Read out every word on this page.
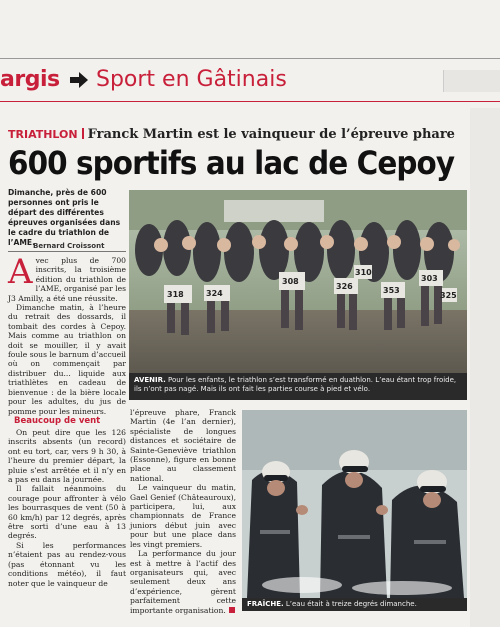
argis Sport en Gâtinais
TRIATHLON Franck Martin est le vainqueur de l’épreuve phare
600 sportifs au lac de Cepoy
Dimanche, près de 600 personnes ont pris le départ des différentes épreuves organisées dans le cadre du triathlon de l’AME.
Bernard Croissont
A vec plus de 700 inscrits, la troisième édition du triathlon de l’AME, organisé par les J3 Amilly, a été une réussite.

Dimanche matin, à l’heure du retrait des dossards, il tombait des cordes à Cepoy. Mais comme au triathlon on doit se mouiller, il y avait foule sous le barnum d’accueil où on commençait par distribuer du... liquide aux triathlètes en cadeau de bienvenue : de la bière locale pour les adultes, du jus de pomme pour les mineurs.

Beaucoup de vent

On peut dire que les 126 inscrits absents (un record) ont eu tort, car, vers 9 h 30, à l’heure du premier départ, la pluie s’est arrêtée et il n’y en a pas eu dans la journée.

Il fallait néanmoins du courage pour affronter à vélo les bourrasques de vent (50 à 60 km/h) par 12 degrés, après être sorti d’une eau à 13 degrés.

Si les performances n’étaient pas au rendez-vous (pas étonnant vu les conditions météo), il faut noter que le vainqueur de

318	324
308
326	353
303
310
325
AVENIR. Pour les enfants, le triathlon s’est transformé en duathlon. L’eau étant trop froide, ils n’ont pas nagé. Mais ils ont fait les parties course à pied et vélo.

l’épreuve phare, Franck Martin (4e l’an dernier), spécialiste de longues distances et sociétaire de Sainte-Geneviève triathlon (Essonne), figure en bonne place au classement national.

Le vainqueur du matin, Gael Genief (Châteauroux), participera, lui, aux championnats de France juniors début juin avec pour but une place dans les vingt premiers.

La performance du jour est à mettre à l’actif des organisateurs qui, avec seulement deux ans d’expérience, gèrent parfaitement cette importante organisation.

FRAÎCHE. L’eau était à treize degrés dimanche.
